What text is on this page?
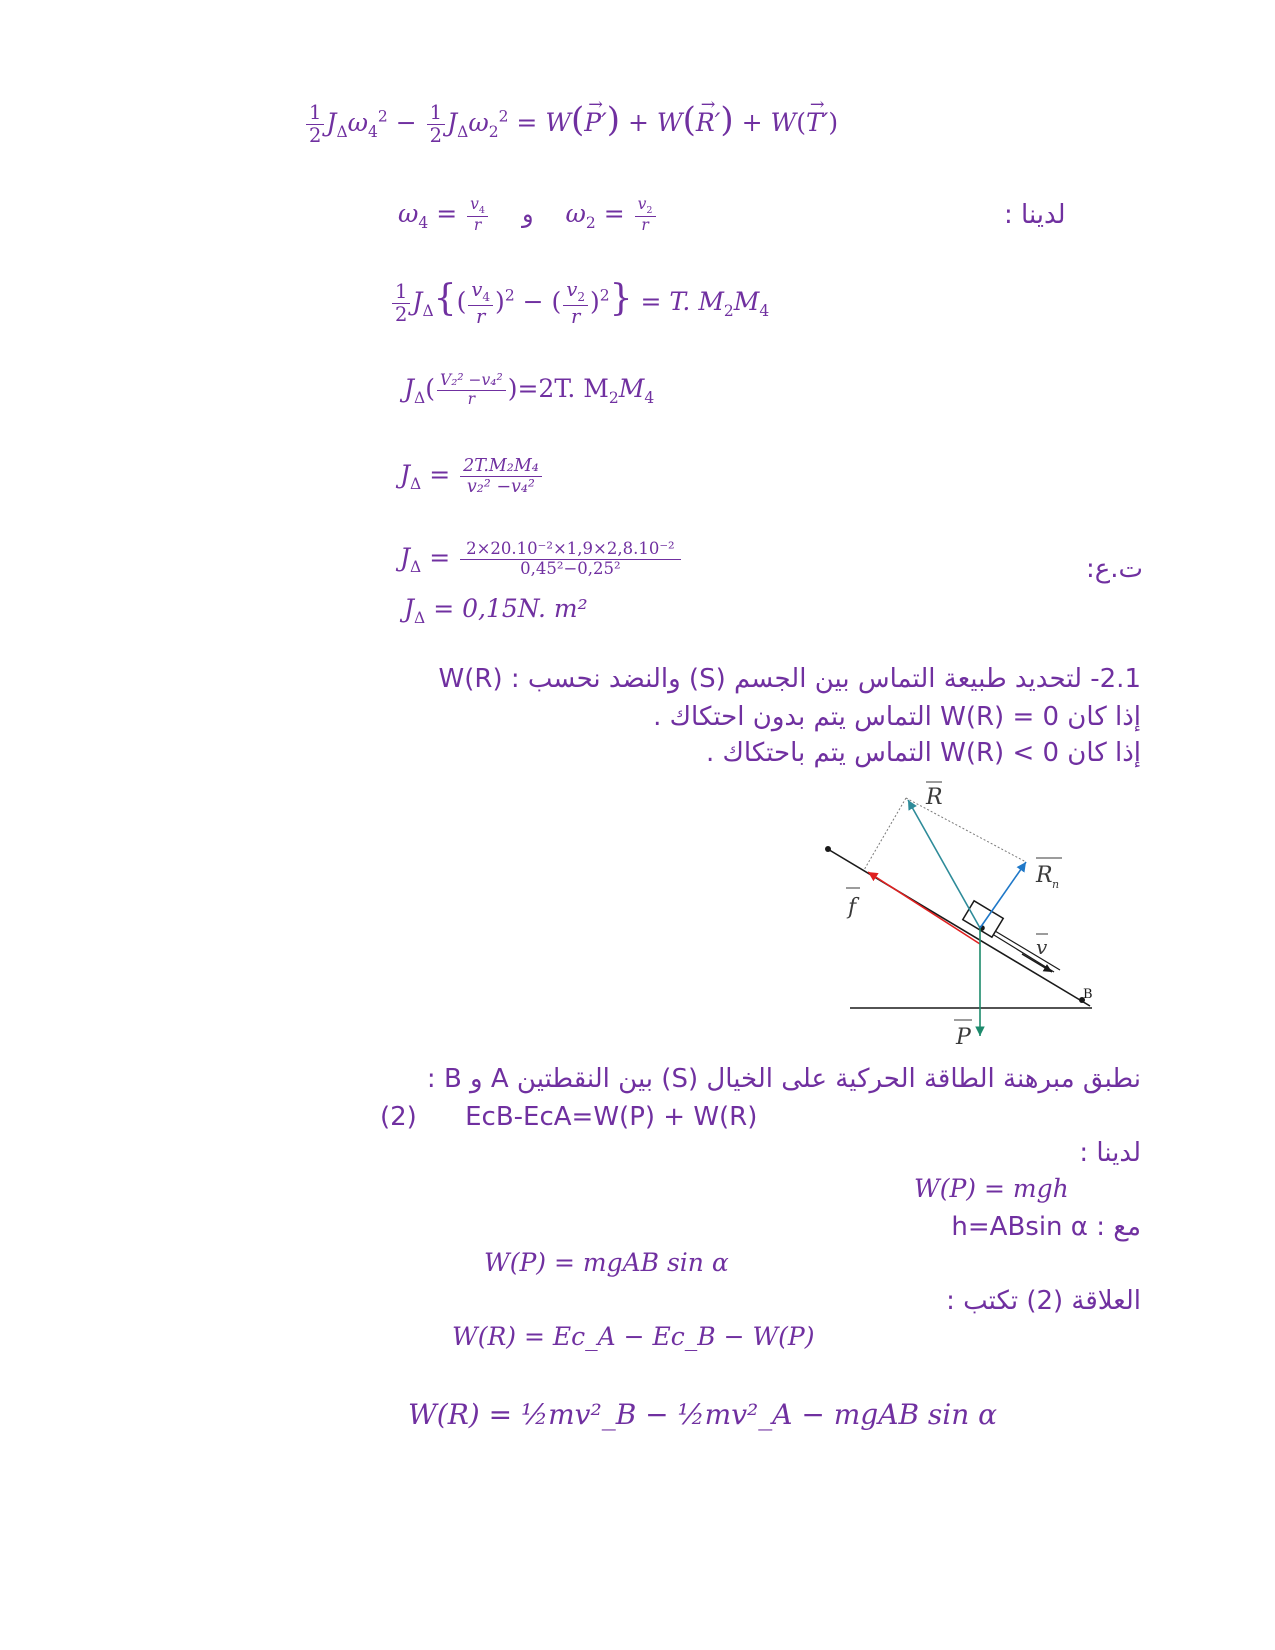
$\frac{1}{2} J_\Delta\omega_4^2 - \frac{1}{2} J_\Delta\omega_2^2 = W(\to P') + W(\to R') + W(\to T')$
$\omega_4 = \frac{v_4}{r}$ و $\omega_2 = \frac{v_2}{r}$	لدينا :
$\frac{1}{2} J_\Delta\{( \frac{v_4}{r} )^2$ − ( $\frac{v_2}{r} )^2\} = T$. $M_2M_4$
$J_\Delta( \frac{\text{V₂² −v₄²}}{r} )=2T$. $M_2M_4$
$J_\Delta = \frac{\text{2T.M₂M₄}}{\text{v₂² −v₄²}}$
$J_\Delta = \frac{\text{2×20.10⁻²×1,9×2,8.10⁻²}}{\text{0,45²−0,25²}}$
$J_\Delta = 0,15N$. m²
ت.ع:
2.1- لتحديد طبيعة التماس بين الجسم (S) والنضد نحسب W(R) :
إذا كان W(R) = 0 التماس يتم بدون احتكاك .
إذا كان W(R) < 0 التماس يتم باحتكاك .
B
R
R n
f
v
P
نطبق مبرهنة الطاقة الحركية على الخيال (S) بين النقطتين A و B :
(2) EcB-EcA=W(P) + W(R)
لدينا :
W(P) = mgh
مع : h=ABsin α
W(P) = mgAB sin α
العلاقة (2) تكتب :
W(R) = Ec_A − Ec_B − W(P)
W(R) = ½mv²_B − ½mv²_A − mgAB sin α
